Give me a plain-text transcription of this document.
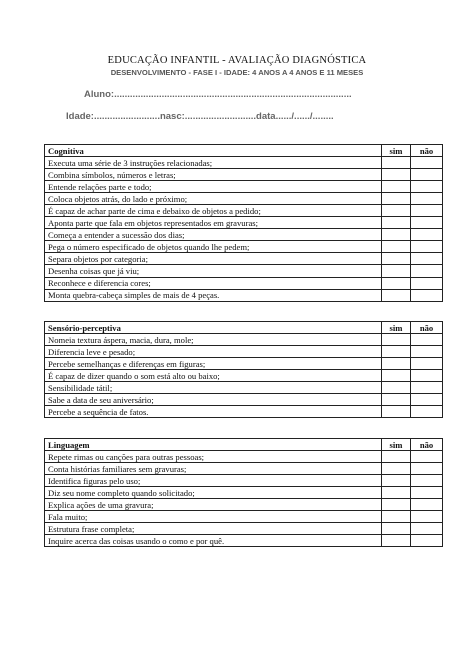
EDUCAÇÃO INFANTIL - AVALIAÇÃO DIAGNÓSTICA
DESENVOLVIMENTO - FASE I - IDADE: 4 ANOS A 4 ANOS E 11 MESES
Aluno:..........................................................................................
Idade:.........................nasc:...........................data....../....../........
Cognitiva	sim	não
Executa uma série de 3 instruções relacionadas;		
Combina símbolos, números e letras;		
Entende relações parte e todo;		
Coloca objetos atrás, do lado e próximo;		
É capaz de achar parte de cima e debaixo de objetos a pedido;		
Aponta parte que fala em objetos representados em gravuras;		
Começa a entender a sucessão dos dias;		
Pega o número especificado de objetos quando lhe pedem;		
Separa objetos por categoria;		
Desenha coisas que já viu;		
Reconhece e diferencia cores;		
Monta quebra-cabeça simples de mais de 4 peças.		
Sensório-perceptiva	sim	não
Nomeia textura áspera, macia, dura, mole;		
Diferencia leve e pesado;		
Percebe semelhanças e diferenças em figuras;		
É capaz de dizer quando o som está alto ou baixo;		
Sensibilidade tátil;		
Sabe a data de seu aniversário;		
Percebe a sequência de fatos.		
Linguagem	sim	não
Repete rimas ou canções para outras pessoas;		
Conta histórias familiares sem gravuras;		
Identifica figuras pelo uso;		
Diz seu nome completo quando solicitado;		
Explica ações de uma gravura;		
Fala muito;		
Estrutura frase completa;		
Inquire acerca das coisas usando o como e por quê.		
